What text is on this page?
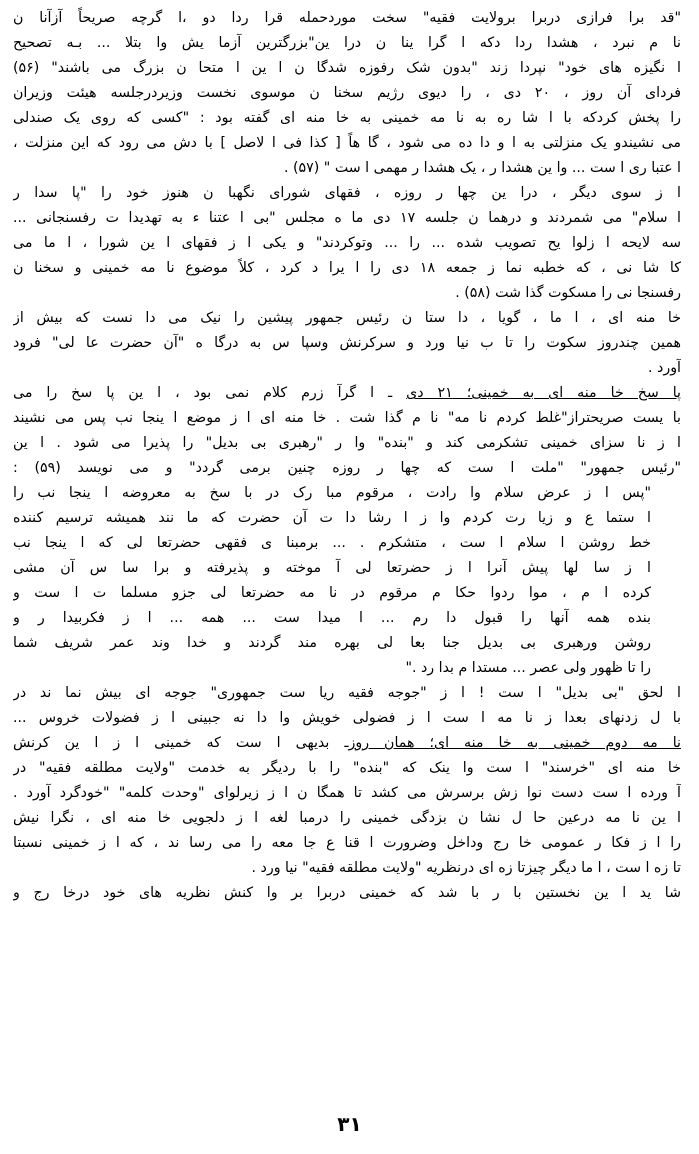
"قد برا فرازی دربرا برولایت فقیه" سخت موردحمله قرا ردا دو ،ا گرچه صریحاً آزآنا ن
نا م نبرد ، هشدا ردا دکه ا گرا ینا ن درا ین"بزرگترین آزما یش وا بتلا ... بـه تصحیح
ا نگیزه های خود" نپردا زند "بدون شک رفوزه شدگا ن ا ین ا متحا ن بزرگ می باشند" (۵۶)
فردای آن روز ، ۲۰ دی ، را دیوی رژیم سخنا ن موسوی نخست وزیردرجلسه هیئت وزیران
را پخش کردکه با ا شا ره به نا مه خمینی به خا منه ای گفته بود : "کسی که روی یک صندلی
می نشیندو یک منزلتی به ا و دا ده می شود ، گا هاً [ کذا فی ا لاصل ] با دش می رود که این منزلت ،
ا عتبا ری ا ست ... وا ین هشدا ر ، یک هشدا ر مهمی ا ست " (۵۷) .
ا ز سوی دیگر ، درا ین چها ر روزه ، فقهای شورای نگهبا ن هنوز خود را "پا سدا ر
ا سلام" می شمردند و درهما ن جلسه ۱۷ دی ما ه مجلس "بی ا عتنا ء به تهدیدا ت رفسنجانی ...
سه لایحه ا زلوا یح تصویب شده ... را ... وتوکردند" و یکی ا ز فقهای ا ین شورا ، ا ما می
کا شا نی ، که خطبه نما ز جمعه ۱۸ دی را ا یرا د کرد ، کلاً موضوع نا مه خمینی و سخنا ن
رفسنجا نی را مسکوت گذا شت (۵۸) .
خا منه ای ، ا ما ، گویا ، دا ستا ن رئیس جمهور پیشین را نیک می دا نست که بیش از
همین چندروز سکوت را تا ب نیا ورد و سرکرنش وسپا س به درگا ه "آن حضرت عا لی" فرود
آورد .
پا سخ خا منه ای به خمینی؛ ۲۱ دی ـ ا گرآ زرم کلام نمی بود ، ا ین پا سخ را می
با یست صریحتراز"غلط کردم نا مه" نا م گذا شت . خا منه ای ا ز موضع ا ینجا نب پس می نشیند
ا ز نا سزای خمینی تشکرمی کند و "بنده" وا ر "رهبری بی بدیل" را پذیرا می شود . ا ین
"رئیس جمهور" "ملت ا ست که چها ر روزه چنین برمی گردد" و می نویسد (۵۹) :
"پس ا ز عرض سلام وا رادت ، مرقوم مبا رک در با سخ به معروضه ا ینجا نب را
ا ستما ع و زیا رت کردم وا ز ا رشا دا ت آن حضرت که ما نند همیشه ترسیم کننده
خط روشن ا سلام ا ست ، متشکرم . ... برمبنا ی فقهی حضرتعا لی که ا ینجا نب
ا ز سا لها پیش آنرا ا ز حضرتعا لی آ موخته و پذیرفته و برا سا س آن مشی
کرده ا م ، موا ردوا حکا م مرقوم در نا مه حضرتعا لی جزو مسلما ت ا ست و
بنده همه آنها را قبول دا رم ... ا میدا ست ... همه ... ا ز فکربیدا ر و
روشن ورهبری بی بدیل جنا بعا لی بهره مند گردند و خدا وند عمر شریف شما
را تا ظهور ولی عصر ... مستدا م بدا رد ."
ا لحق "بی بدیل" ا ست ! ا ز "جوجه فقیه ریا ست جمهوری" جوجه ای بیش نما ند در
با ل زدنهای بعدا ز نا مه ا ست ا ز فضولی خویش وا دا نه جبینی ا ز فضولات خروس ...
نا مه دوم خمینی به خا منه ای؛ همان روزـ بدیهی ا ست که خمینی ا ز ا ین کرنش
خا منه ای "خرسند" ا ست وا ینک که "بنده" را با ردیگر به خدمت "ولایت مطلقه فقیه" در
آ ورده ا ست دست نوا زش برسرش می کشد تا همگا ن ا ز زیرلوای "وحدت کلمه" "خودگرد آورد .
ا ین نا مه درعین حا ل نشا ن بزدگی خمینی را درمبا لغه ا ز دلجویی خا منه ای ، نگرا نیش
را ا ز فکا ر عمومی خا رج وداخل وضرورت ا قنا ع جا معه را می رسا ند ، که ا ز خمینی نسبتا
تا زه ا ست ، ا ما دیگر چیزتا زه ای درنظریه "ولایت مطلقه فقیه" نیا ورد .
شا ید ا ین نخستین با ر با شد که خمینی دربرا بر وا کنش نظریه های خود درخا رج و
۳۱
